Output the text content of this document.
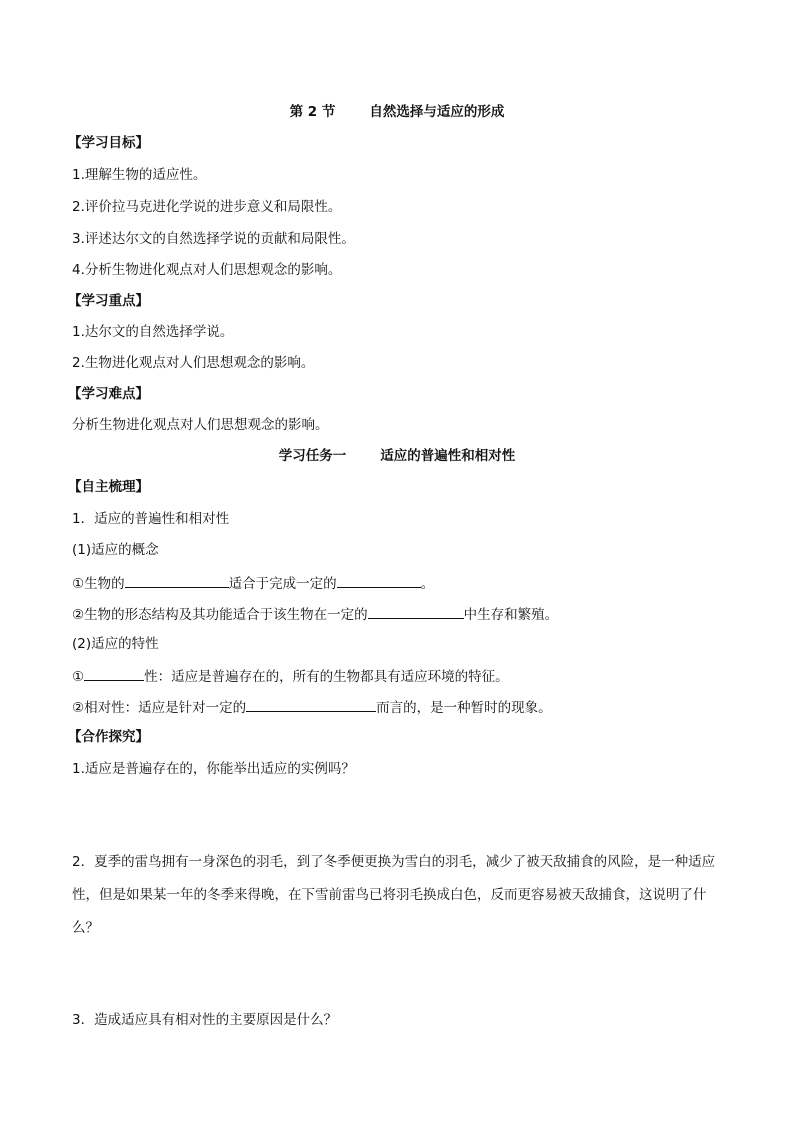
第 2 节	自然选择与适应的形成
【学习目标】
1.理解生物的适应性。
2.评价拉马克进化学说的进步意义和局限性。
3.评述达尔文的自然选择学说的贡献和局限性。
4.分析生物进化观点对人们思想观念的影响。
【学习重点】
1.达尔文的自然选择学说。
2.生物进化观点对人们思想观念的影响。
【学习难点】
分析生物进化观点对人们思想观念的影响。
学习任务一	适应的普遍性和相对性
【自主梳理】
1．适应的普遍性和相对性
(1)适应的概念
①生物的	适合于完成一定的	。
②生物的形态结构及其功能适合于该生物在一定的	中生存和繁殖。
(2)适应的特性
①	性：适应是普遍存在的，所有的生物都具有适应环境的特征。
②相对性：适应是针对一定的	而言的，是一种暂时的现象。
【合作探究】
1.适应是普遍存在的，你能举出适应的实例吗？
2．夏季的雷鸟拥有一身深色的羽毛，到了冬季便更换为雪白的羽毛，减少了被天敌捕食的风险，是一种适应性，但是如果某一年的冬季来得晚，在下雪前雷鸟已将羽毛换成白色，反而更容易被天敌捕食，这说明了什么？
3．造成适应具有相对性的主要原因是什么？
